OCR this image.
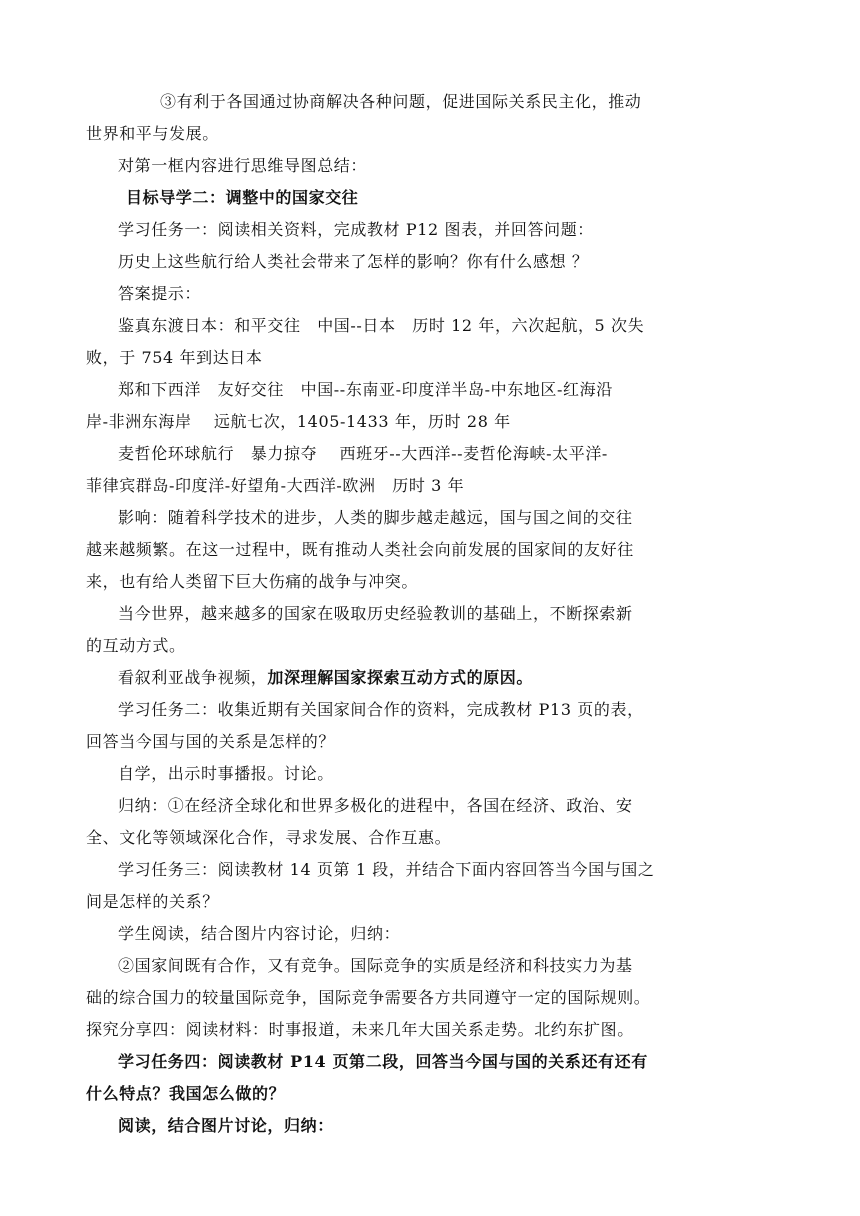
③有利于各国通过协商解决各种问题，促进国际关系民主化，推动
世界和平与发展。
对第一框内容进行思维导图总结：
目标导学二：调整中的国家交往
学习任务一：阅读相关资料，完成教材 P12 图表，并回答问题：
历史上这些航行给人类社会带来了怎样的影响？你有什么感想 ？
答案提示：
鉴真东渡日本：和平交往　中国--日本　历时 12 年，六次起航，5 次失
败，于 754 年到达日本
郑和下西洋　友好交往　中国--东南亚-印度洋半岛-中东地区-红海沿
岸-非洲东海岸　 远航七次，1405-1433 年，历时 28 年
麦哲伦环球航行　暴力掠夺　 西班牙--大西洋--麦哲伦海峡-太平洋-
菲律宾群岛-印度洋-好望角-大西洋-欧洲　历时 3 年
影响：随着科学技术的进步，人类的脚步越走越远，国与国之间的交往
越来越频繁。在这一过程中，既有推动人类社会向前发展的国家间的友好往
来，也有给人类留下巨大伤痛的战争与冲突。
当今世界，越来越多的国家在吸取历史经验教训的基础上，不断探索新
的互动方式。
看叙利亚战争视频，加深理解国家探索互动方式的原因。
学习任务二：收集近期有关国家间合作的资料，完成教材 P13 页的表，
回答当今国与国的关系是怎样的？
自学，出示时事播报。讨论。
归纳：①在经济全球化和世界多极化的进程中，各国在经济、政治、安
全、文化等领域深化合作，寻求发展、合作互惠。
学习任务三：阅读教材 14 页第 1 段，并结合下面内容回答当今国与国之
间是怎样的关系？
学生阅读，结合图片内容讨论，归纳：
②国家间既有合作，又有竞争。国际竞争的实质是经济和科技实力为基
础的综合国力的较量国际竞争，国际竞争需要各方共同遵守一定的国际规则。
探究分享四：阅读材料：时事报道，未来几年大国关系走势。北约东扩图。
学习任务四：阅读教材 P14 页第二段，回答当今国与国的关系还有还有
什么特点？我国怎么做的？
阅读，结合图片讨论，归纳：
